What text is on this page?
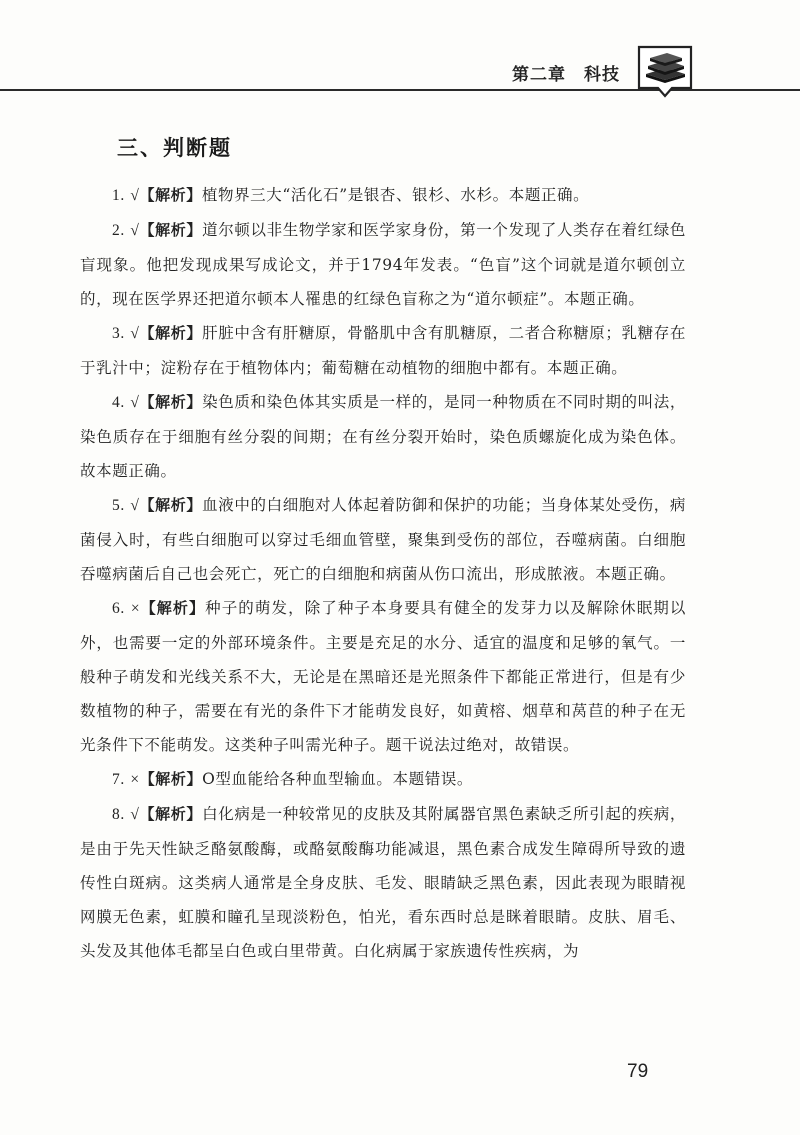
第二章　科技
三、判断题

1. √【解析】植物界三大“活化石”是银杏、银杉、水杉。本题正确。

2. √【解析】道尔顿以非生物学家和医学家身份，第一个发现了人类存在着红绿色盲现象。他把发现成果写成论文，并于1794年发表。“色盲”这个词就是道尔顿创立的，现在医学界还把道尔顿本人罹患的红绿色盲称之为“道尔顿症”。本题正确。

3. √【解析】肝脏中含有肝糖原，骨骼肌中含有肌糖原，二者合称糖原；乳糖存在于乳汁中；淀粉存在于植物体内；葡萄糖在动植物的细胞中都有。本题正确。

4. √【解析】染色质和染色体其实质是一样的，是同一种物质在不同时期的叫法，染色质存在于细胞有丝分裂的间期；在有丝分裂开始时，染色质螺旋化成为染色体。故本题正确。

5. √【解析】血液中的白细胞对人体起着防御和保护的功能；当身体某处受伤，病菌侵入时，有些白细胞可以穿过毛细血管壁，聚集到受伤的部位，吞噬病菌。白细胞吞噬病菌后自己也会死亡，死亡的白细胞和病菌从伤口流出，形成脓液。本题正确。

6. ×【解析】种子的萌发，除了种子本身要具有健全的发芽力以及解除休眠期以外，也需要一定的外部环境条件。主要是充足的水分、适宜的温度和足够的氧气。一般种子萌发和光线关系不大，无论是在黑暗还是光照条件下都能正常进行，但是有少数植物的种子，需要在有光的条件下才能萌发良好，如黄榕、烟草和莴苣的种子在无光条件下不能萌发。这类种子叫需光种子。题干说法过绝对，故错误。

7. ×【解析】O型血能给各种血型输血。本题错误。

8. √【解析】白化病是一种较常见的皮肤及其附属器官黑色素缺乏所引起的疾病，是由于先天性缺乏酪氨酸酶，或酪氨酸酶功能减退，黑色素合成发生障碍所导致的遗传性白斑病。这类病人通常是全身皮肤、毛发、眼睛缺乏黑色素，因此表现为眼睛视网膜无色素，虹膜和瞳孔呈现淡粉色，怕光，看东西时总是眯着眼睛。皮肤、眉毛、头发及其他体毛都呈白色或白里带黄。白化病属于家族遗传性疾病，为

79
